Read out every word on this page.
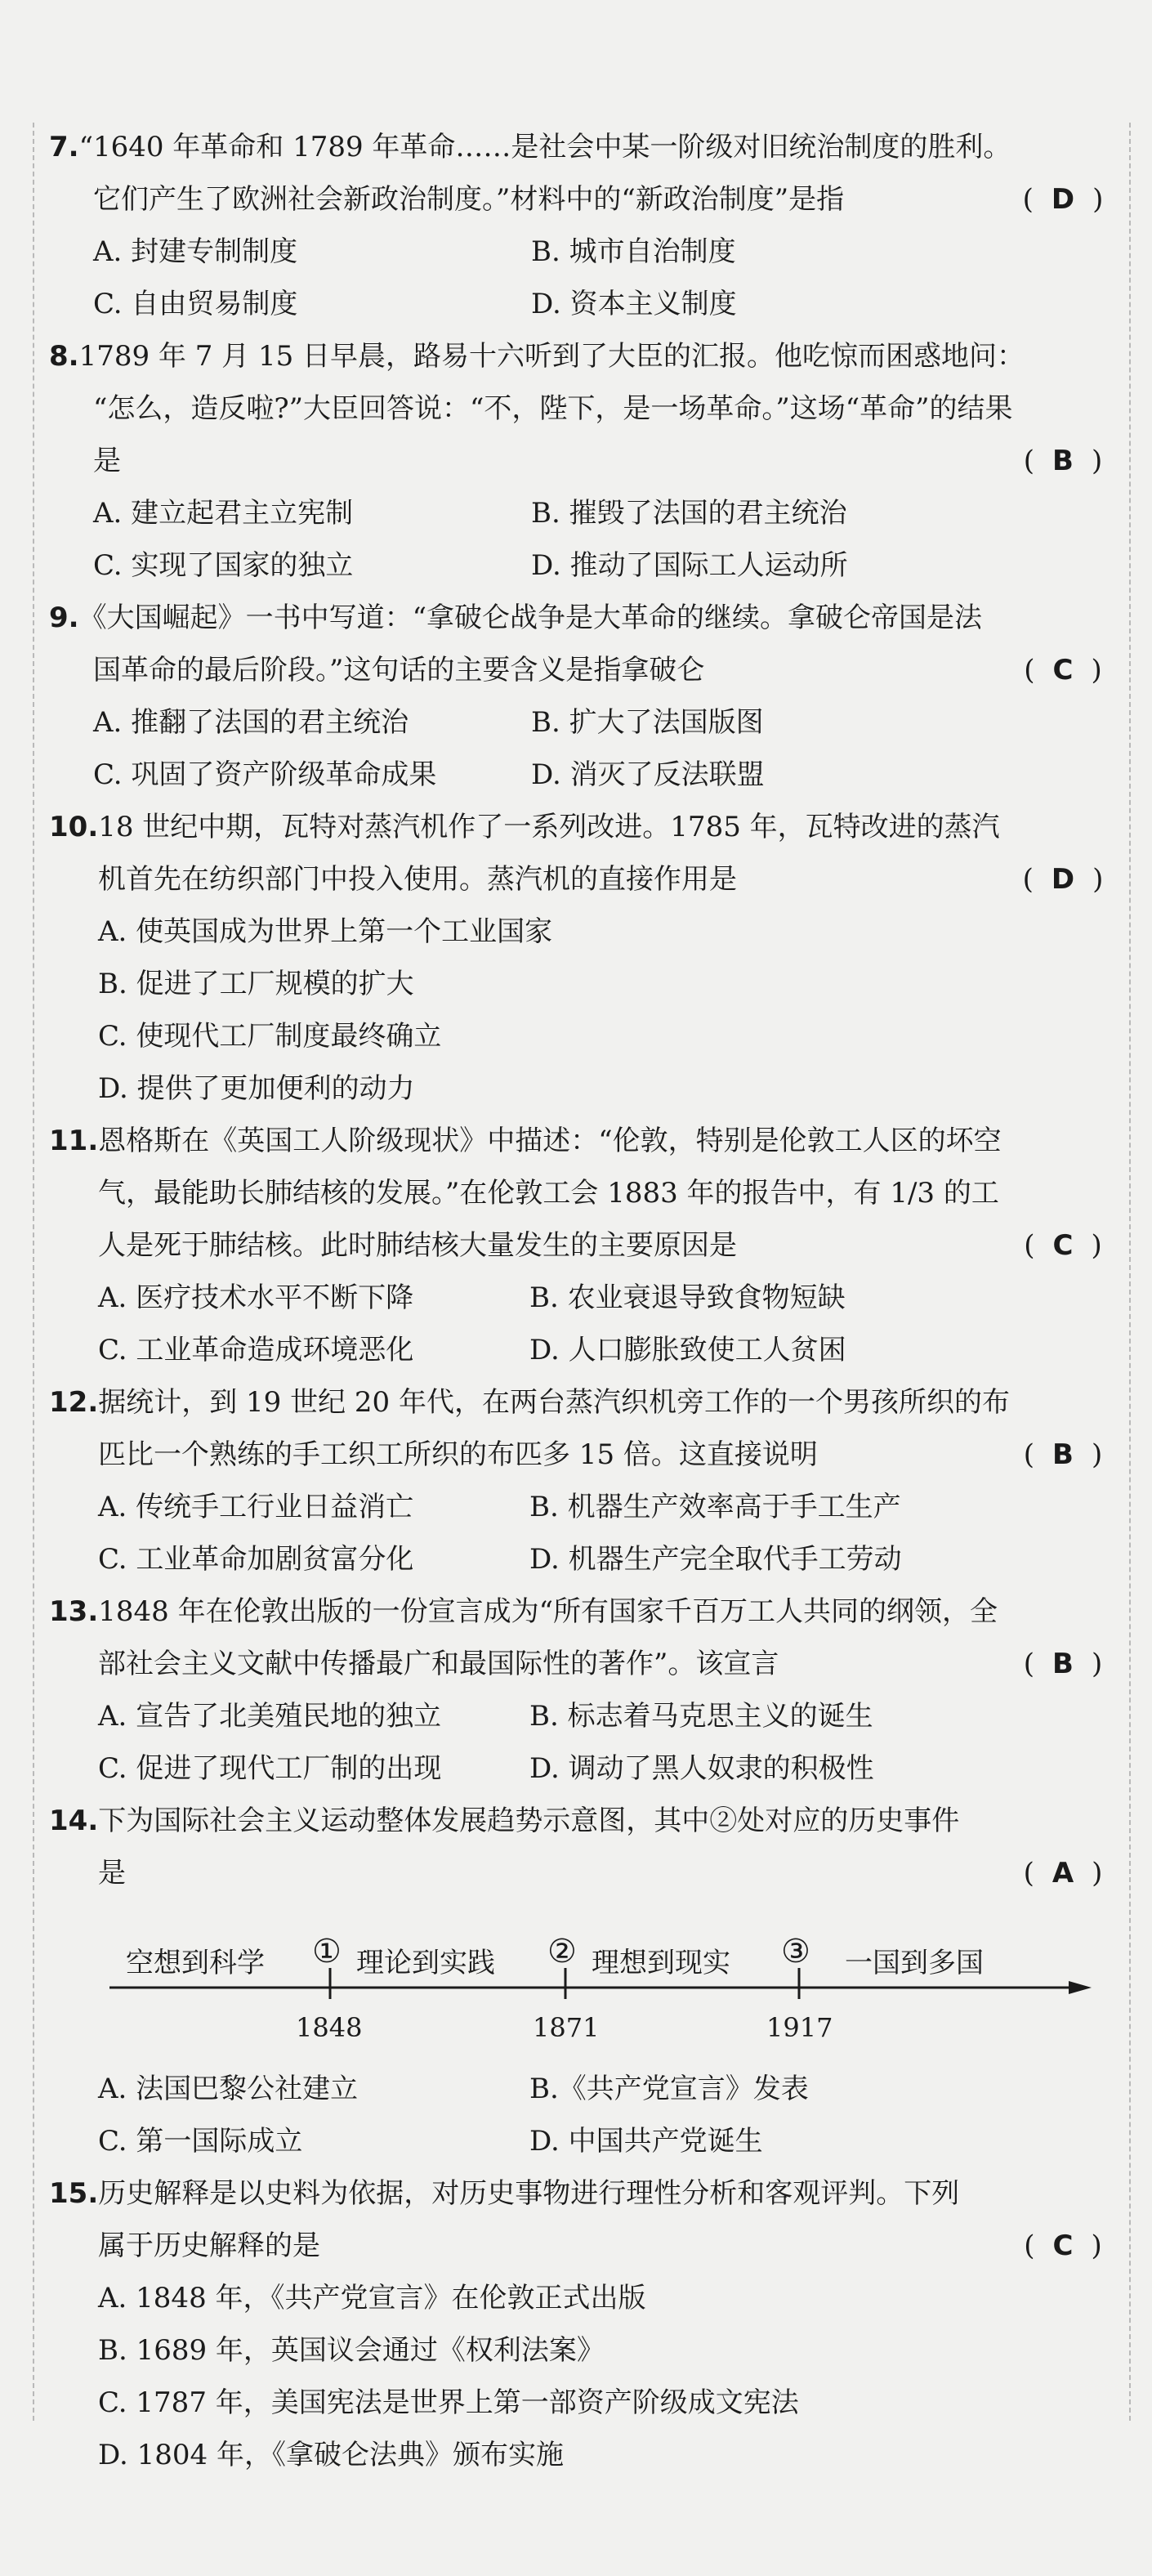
7.“1640 年革命和 1789 年革命……是社会中某一阶级对旧统治制度的胜利。
它们产生了欧洲社会新政治制度。”材料中的“新政治制度”是指	( D )
A. 封建专制制度	B. 城市自治制度
C. 自由贸易制度	D. 资本主义制度
8.1789 年 7 月 15 日早晨，路易十六听到了大臣的汇报。他吃惊而困惑地问：
“怎么，造反啦?”大臣回答说：“不，陛下，是一场革命。”这场“革命”的结果
是	( B )
A. 建立起君主立宪制	B. 摧毁了法国的君主统治
C. 实现了国家的独立	D. 推动了国际工人运动所
9.《大国崛起》一书中写道：“拿破仑战争是大革命的继续。拿破仑帝国是法
国革命的最后阶段。”这句话的主要含义是指拿破仑	( C )
A. 推翻了法国的君主统治	B. 扩大了法国版图
C. 巩固了资产阶级革命成果	D. 消灭了反法联盟
10.18 世纪中期，瓦特对蒸汽机作了一系列改进。1785 年，瓦特改进的蒸汽
机首先在纺织部门中投入使用。蒸汽机的直接作用是	( D )
A. 使英国成为世界上第一个工业国家
B. 促进了工厂规模的扩大
C. 使现代工厂制度最终确立
D. 提供了更加便利的动力
11.恩格斯在《英国工人阶级现状》中描述：“伦敦，特别是伦敦工人区的坏空
气，最能助长肺结核的发展。”在伦敦工会 1883 年的报告中，有 1/3 的工
人是死于肺结核。此时肺结核大量发生的主要原因是	( C )
A. 医疗技术水平不断下降	B. 农业衰退导致食物短缺
C. 工业革命造成环境恶化	D. 人口膨胀致使工人贫困
12.据统计，到 19 世纪 20 年代，在两台蒸汽织机旁工作的一个男孩所织的布
匹比一个熟练的手工织工所织的布匹多 15 倍。这直接说明	( B )
A. 传统手工行业日益消亡	B. 机器生产效率高于手工生产
C. 工业革命加剧贫富分化	D. 机器生产完全取代手工劳动
13.1848 年在伦敦出版的一份宣言成为“所有国家千百万工人共同的纲领，全
部社会主义文献中传播最广和最国际性的著作”。该宣言	( B )
A. 宣告了北美殖民地的独立	B. 标志着马克思主义的诞生
C. 促进了现代工厂制的出现	D. 调动了黑人奴隶的积极性
14.下为国际社会主义运动整体发展趋势示意图，其中②处对应的历史事件
是	( A )
空想到科学	理论到实践	理想到现实	一国到多国
①	②	③
1848	1871	1917
A. 法国巴黎公社建立	B.《共产党宣言》发表
C. 第一国际成立	D. 中国共产党诞生
15.历史解释是以史料为依据，对历史事物进行理性分析和客观评判。下列
属于历史解释的是	( C )
A. 1848 年，《共产党宣言》在伦敦正式出版
B. 1689 年，英国议会通过《权利法案》
C. 1787 年，美国宪法是世界上第一部资产阶级成文宪法
D. 1804 年，《拿破仑法典》颁布实施
